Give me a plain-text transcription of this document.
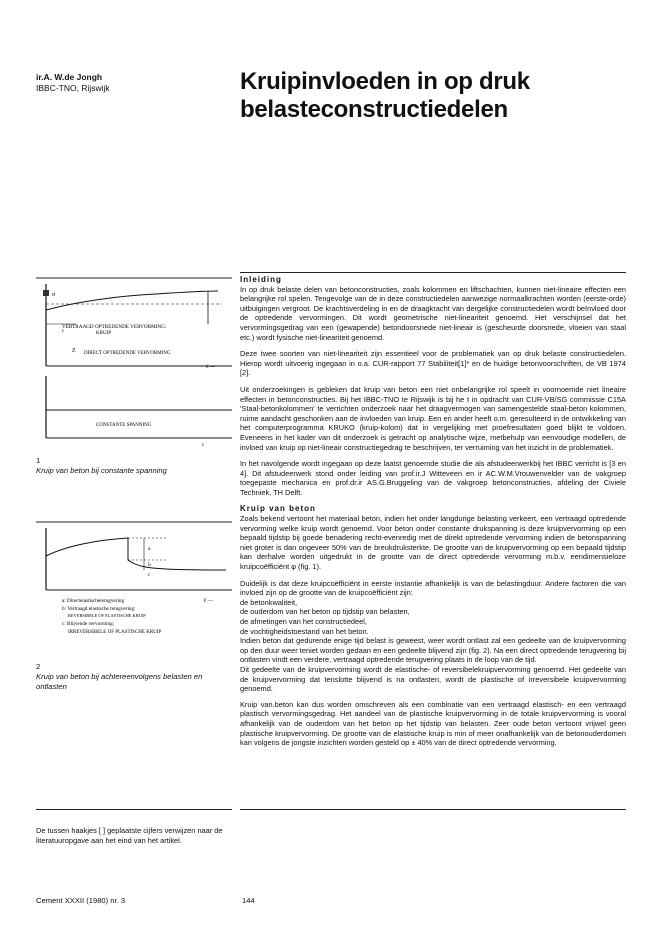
ir.A. W.de Jongh
IBBC-TNO, Rijswijk	Kruipinvloeden in op druk
belasteconstructiedelen
σ
VERTRAAGD OPTREDENDE VERVORMING:
KRUIP
ε
Z DIRECT OPTREDENDE VERVORMING
€ —
CONSTANTE SPANNING
c
1
Kruip van beton bij constante spanning
a
b
c
a: Directelastischeterugvering	€ —
b: Vertraagd elastische terugvering:
REVERSIBELE OF ELASTISCHE KRUIP
c: Blijvende vervorming:
IRREVERSIBELE OF PLASTISCHE KRUIP
2
Kruip van beton bij achtereenvolgens belasten en ontlasten
Inleiding

In op druk belaste delen van betonconstructies, zoals kolommen en liftschachten, kunnen niet-lineaire effecten een belangrijke rol spelen. Tengevolge van de in deze constructiedelen aanwezige normaalkrachten worden (eerste-orde) uitbuigingen vergroot. De krachtsverdeling in en de draagkracht van dergelijke constructiedelen wordt beïnvloed door de optredende vervormingen. Dit wordt geometrische niet-lineariteit genoemd. Het verschijnsel dat het vervormingsgedrag van een (gewapende) betondoorsnede niet-lineair is (gescheurde doorsnede, vloeien van staal etc.) wordt fysische niet-lineariteit genoemd.

Deze twee soorten van niet-lineariteit zijn essentieel voor de problematiek van op druk belaste constructiedelen. Hierop wordt uitvoerig ingegaan in o.a. CUR-rapport 77 Stabiliteit[1]* en de huidige betonvoorschriften, de VB 1974 [2].

Uit onderzoekingen is gebleken dat kruip van beton een niet onbelangrijke rol speelt in voornoemde niet lineaire effecten in betonconstructies. Bij het IBBC-TNO te Rijswijk is bij he t in opdracht van CUR-VB/SG commissie C15A 'Staal-betonkolommen' te verrichten onderzoek naar het draagvermogen van samengestelde staal-beton kolommen, ruime aandacht geschonken aan de invloeden van kruip. Een en ander heeft o.m. geresulteerd in de ontwikkeling van het computerprogramma KRUKO (kruip-kolom) dat in vergelijking met proefresultaten goed blijkt te voldoen. Eveneens in het kader van dit onderzoek is getracht op analytische wijze, metbehulp van eenvoudige modellen, de invloed van kruip op niet-lineair constructiegedrag te beschrijven, ter verruiming van het inzicht in de problematiek.

In het navolgende wordt ingegaan op deze laatst genoemde studie die als afstudeerwerkbij het IBBC verricht is [3 en 4]. Dit afstudeerwerk stond onder leiding van prof.ir.J Witteveen en ir AC.W.M.Vrouwenvelder van de vakgroep toegepaste mechanica en prof.dr.ir AS.G.Bruggeling van de vakgroep betonconstructies, afdeling der Civiele Techniek, TH Delft.

Kruip van beton

Zoals bekend vertoont het materiaal beton, indien het onder langdurige belasting verkeert, een vertraagd optredende vervorming welke kruip wordt genoemd. Voor beton onder constante drukspanning is deze kruipvervorming op een bepaald tijdstip bij goede benadering recht-evenredig met de direkt optredende vervorming indien de betonspanning niet groter is dan ongeveer 50% van de breukdruksterkte. De grootte van de kruipvervorming op een bepaald tijdstip kan derhalve worden uitgedrukt in de grootte van de direct optredende vervorming m.b.v. eendimensieloze kruipcoëfficiënt φ (fig. 1).

Duidelijk is dat deze kruipcoëfficiënt in eerste instantie afhankelijk is van de belastingduur. Andere factoren die van invloed zijn op de grootte van de kruipcoëfficiënt zijn:

de betonkwaliteit,

de ouderdom van het beton op tijdstip van belasten,

de afmetingen van het constructiedeel,

de vochtigheidstoestand van het beton.

Indien beton dat gedurende enige tijd belast is geweest, weer wordt ontlast zal een gedeelte van de kruipvervorming op den duur weer teniet worden gedaan en een gedeelte blijvend zijn (fig. 2). Na een direct optredende terugvering bij ontlasten vindt een verdere, vertraagd optredende terugvering plaats in de loop van de tijd.

Dit gedeelte van de kruipvervorming wordt de elastische- of reversibelekruipvervorming genoemd. Het gedeelte van de kruipvervorming dat tenslotte blijvend is na ontlasten, wordt de plastische of irreversibele kruipvervorming genoemd.

Kruip van.beton kan dus worden omschreven als een combinatie van een vertraagd elastisch- en een vertraagd plastisch vervormingsgedrag. Het aandeel van de plastische kruipvervorming in de totale kruipvervorming is vooral afhankelijk van de ouderdom van het beton op het tijdstip van belasten. Zeer oude beton vertoont vrijwel geen plastische kruipvervorming. De grootte van de elastische kruip is min of meer onafhankelijk van de betonouderdomen kan volgens de jongste inzichten worden gesteld op ± 40% van de direct optredende vervorming.

De tussen haakjes [ ] geplaatste cijfers verwijzen naar de literatuuropgave aan het eind van het artikel.
Cement XXXII (1980) nr. 3	144
